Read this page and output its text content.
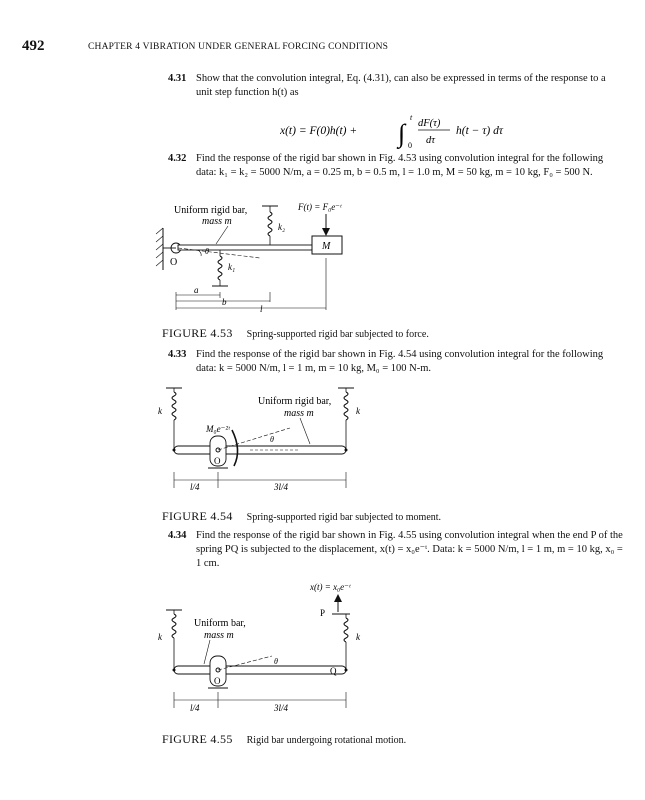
492	CHAPTER 4 VIBRATION UNDER GENERAL FORCING CONDITIONS
4.31 Show that the convolution integral, Eq. (4.31), can also be expressed in terms of the response to a unit step function h(t) as
x(t) = F(0)h(t) + ∫
t
0
dF(τ)
dτ
h(t − τ) dτ
4.32 Find the response of the rigid bar shown in Fig. 4.53 using convolution integral for the following data: k₁ = k₂ = 5000 N/m, a = 0.25 m, b = 0.5 m, l = 1.0 m, M = 50 kg, m = 10 kg, F₀ = 500 N.
Uniform rigid bar,
mass m
O
θ
k₁
k₂
M
F(t) = F₀e⁻ᵗ
a
b
l
FIGURE 4.53 Spring-supported rigid bar subjected to force.
4.33 Find the response of the rigid bar shown in Fig. 4.54 using convolution integral for the following data: k = 5000 N/m, l = 1 m, m = 10 kg, M₀ = 100 N-m.
k	k
Uniform rigid bar,
mass m
O
θ
M₀e⁻²ᵗ
l/4	3l/4
FIGURE 4.54 Spring-supported rigid bar subjected to moment.
4.34 Find the response of the rigid bar shown in Fig. 4.55 using convolution integral when the end P of the spring PQ is subjected to the displacement, x(t) = x₀e⁻ᵗ. Data: k = 5000 N/m, l = 1 m, m = 10 kg, x₀ = 1 cm.
x(t) = x₀e⁻ᵗ
P
k	k
Uniform bar,
mass m
Q
O
θ
l/4	3l/4
FIGURE 4.55 Rigid bar undergoing rotational motion.
